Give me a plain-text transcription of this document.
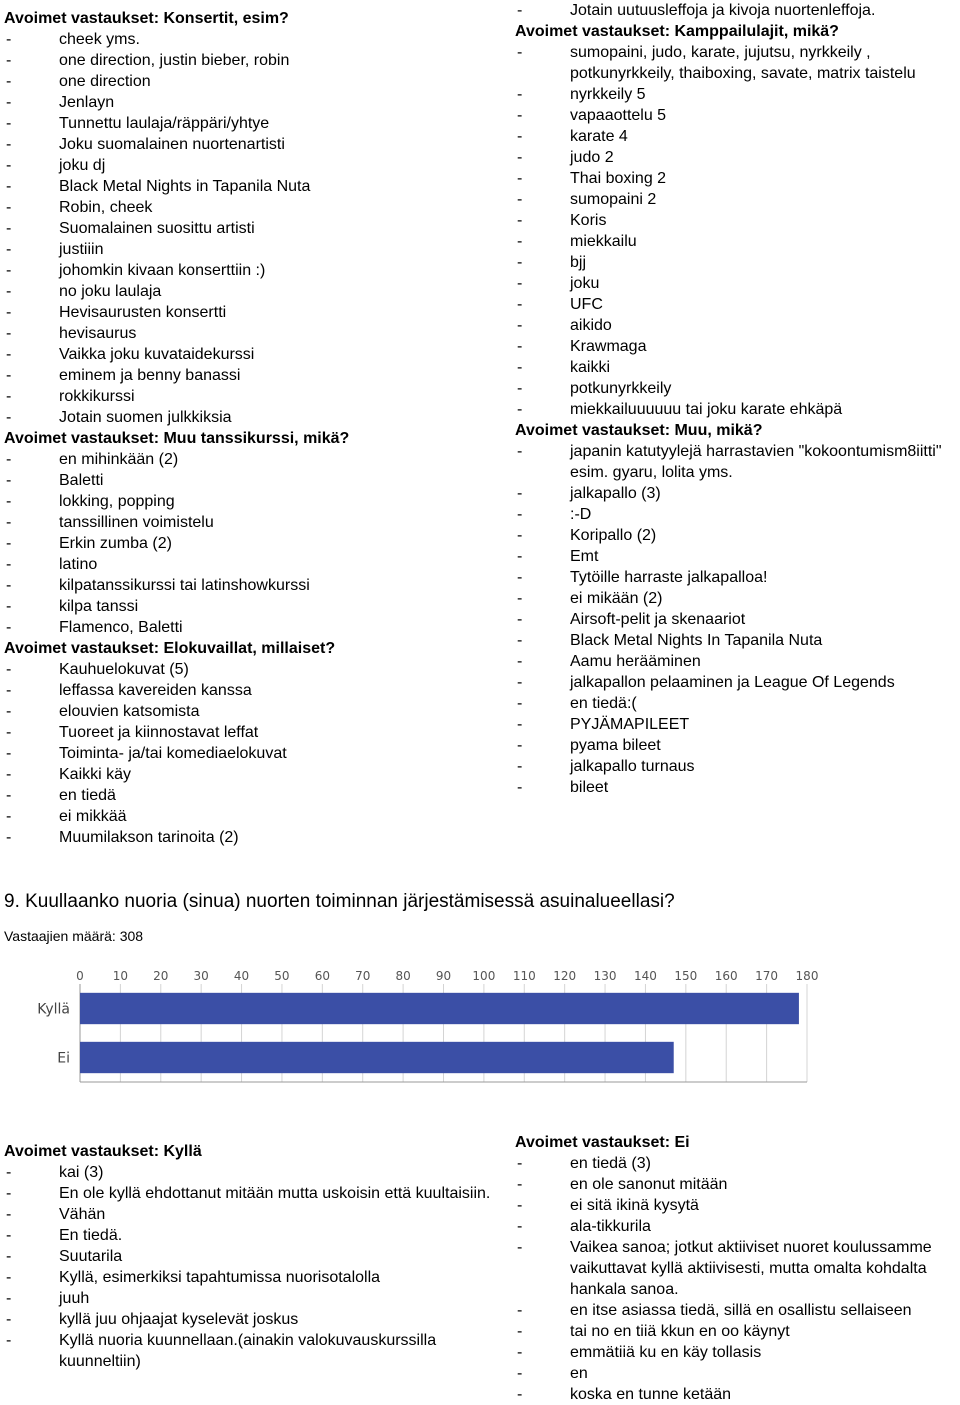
Avoimet vastaukset: Konsertit, esim?
- cheek yms.
- one direction, justin bieber, robin
- one direction
- Jenlayn
- Tunnettu laulaja/räppäri/yhtye
- Joku suomalainen nuortenartisti
- joku dj
- Black Metal Nights in Tapanila Nuta
- Robin, cheek
- Suomalainen suosittu artisti
- justiiin
- johomkin kivaan konserttiin :)
- no joku laulaja
- Hevisaurusten konsertti
- hevisaurus
- Vaikka joku kuvataidekurssi
- eminem ja benny banassi
- rokkikurssi
- Jotain suomen julkkiksia
Avoimet vastaukset: Muu tanssikurssi, mikä?
- en mihinkään (2)
- Baletti
- lokking, popping
- tanssillinen voimistelu
- Erkin zumba (2)
- latino
- kilpatanssikurssi tai latinshowkurssi
- kilpa tanssi
- Flamenco, Baletti
Avoimet vastaukset: Elokuvaillat, millaiset?
- Kauhuelokuvat (5)
- leffassa kavereiden kanssa
- elouvien katsomista
- Tuoreet ja kiinnostavat leffat
- Toiminta- ja/tai komediaelokuvat
- Kaikki käy
- en tiedä
- ei mikkää
- Muumilakson tarinoita (2)
- Jotain uutuusleffoja ja kivoja nuortenleffoja.
Avoimet vastaukset: Kamppailulajit, mikä?
- sumopaini, judo, karate, jujutsu, nyrkkeily , potkunyrkkeily, thaiboxing, savate, matrix taistelu
- nyrkkeily 5
- vapaaottelu 5
- karate 4
- judo 2
- Thai boxing 2
- sumopaini 2
- Koris
- miekkailu
- bjj
- joku
- UFC
- aikido
- Krawmaga
- kaikki
- potkunyrkkeily
- miekkailuuuuuu tai joku karate ehkäpä
Avoimet vastaukset: Muu, mikä?
- japanin katutyylejä harrastavien "kokoontumism8iitti" esim. gyaru, lolita yms.
- jalkapallo (3)
- :-D
- Koripallo (2)
- Emt
- Tytöille harraste jalkapalloa!
- ei mikään (2)
- Airsoft-pelit ja skenaariot
- Black Metal Nights In Tapanila Nuta
- Aamu herääminen
- jalkapallon pelaaminen ja League Of Legends
- en tiedä:(
- PYJÄMAPILEET
- pyama bileet
- jalkapallo turnaus
- bileet
9. Kuullaanko nuoria (sinua) nuorten toiminnan järjestämisessä asuinalueellasi?
Vastaajien määrä: 308
0 10 20 30 40 50 60 70 80 90 100 110 120 130 140 150 160 170 180
Kyllä
Ei
Avoimet vastaukset: Kyllä
- kai (3)
- En ole kyllä ehdottanut mitään mutta uskoisin että kuultaisiin.
- Vähän
- En tiedä.
- Suutarila
- Kyllä, esimerkiksi tapahtumissa nuorisotalolla
- juuh
- kyllä juu ohjaajat kyselevät joskus
- Kyllä nuoria kuunnellaan.(ainakin valokuvauskurssilla kuunneltiin)
Avoimet vastaukset: Ei
- en tiedä (3)
- en ole sanonut mitään
- ei sitä ikinä kysytä
- ala-tikkurila
- Vaikea sanoa; jotkut aktiiviset nuoret koulussamme vaikuttavat kyllä aktiivisesti, mutta omalta kohdalta hankala sanoa.
- en itse asiassa tiedä, sillä en osallistu sellaiseen
- tai no en tiiä kkun en oo käynyt
- emmätiiä ku en käy tollasis
- en
- koska en tunne ketään
